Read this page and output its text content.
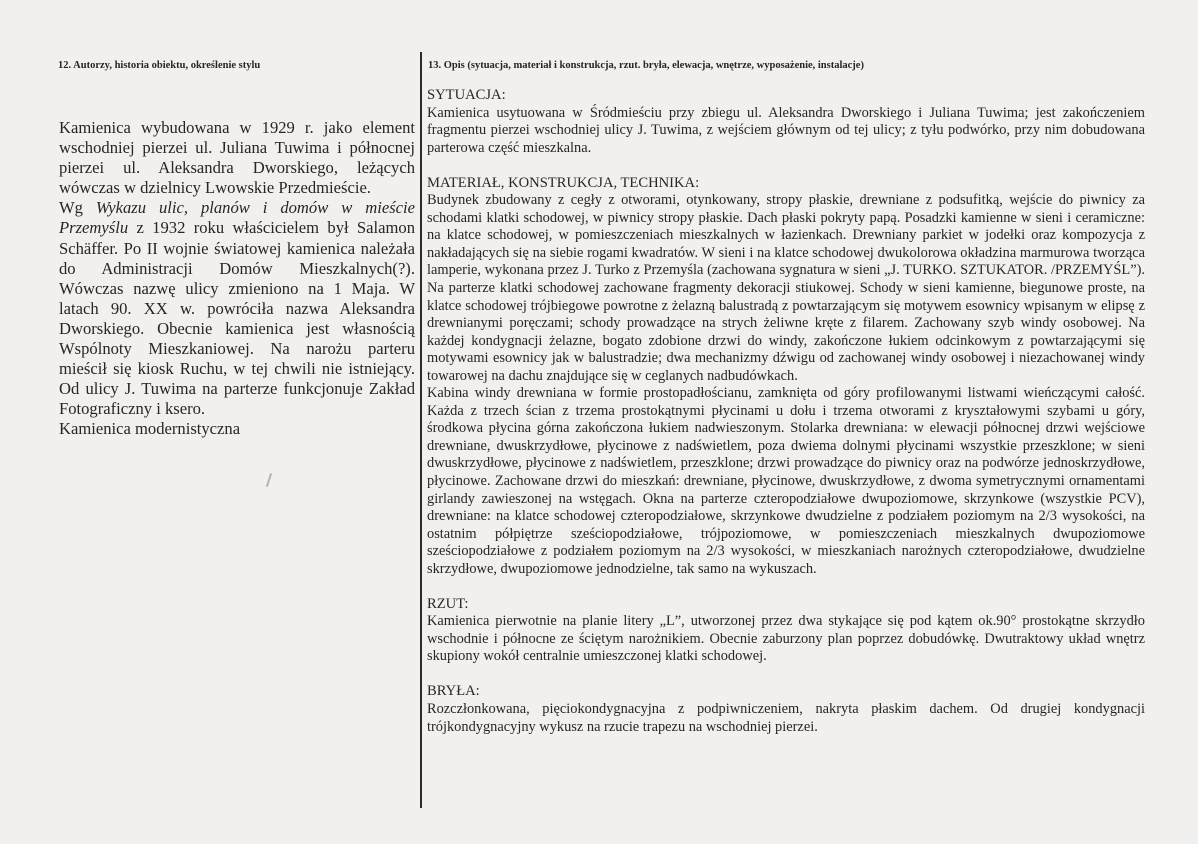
12. Autorzy, historia obiektu, określenie stylu

Kamienica wybudowana w 1929 r. jako element wschodniej pierzei ul. Juliana Tuwima i północnej pierzei ul. Aleksandra Dworskiego, leżących wówczas w dzielnicy Lwowskie Przedmieście.

Wg Wykazu ulic, planów i domów w mieście Przemyślu z 1932 roku właścicielem był Salamon Schäffer. Po II wojnie światowej kamienica należała do Administracji Domów Mieszkalnych(?). Wówczas nazwę ulicy zmieniono na 1 Maja. W latach 90. XX w. powróciła nazwa Aleksandra Dworskiego. Obecnie kamienica jest własnością Wspólnoty Mieszkaniowej. Na narożu parteru mieścił się kiosk Ruchu, w tej chwili nie istniejący. Od ulicy J. Tuwima na parterze funkcjonuje Zakład Fotograficzny i ksero.

Kamienica modernistyczna

13. Opis (sytuacja, materiał i konstrukcja, rzut. bryła, elewacja, wnętrze, wyposażenie, instalacje)

SYTUACJA:

Kamienica usytuowana w Śródmieściu przy zbiegu ul. Aleksandra Dworskiego i Juliana Tuwima; jest zakończeniem fragmentu pierzei wschodniej ulicy J. Tuwima, z wejściem głównym od tej ulicy; z tyłu podwórko, przy nim dobudowana parterowa część mieszkalna.

MATERIAŁ, KONSTRUKCJA, TECHNIKA:

Budynek zbudowany z cegły z otworami, otynkowany, stropy płaskie, drewniane z podsufitką, wejście do piwnicy za schodami klatki schodowej, w piwnicy stropy płaskie. Dach płaski pokryty papą. Posadzki kamienne w sieni i ceramiczne: na klatce schodowej, w pomieszczeniach mieszkalnych w łazienkach. Drewniany parkiet w jodełki oraz kompozycja z nakładających się na siebie rogami kwadratów. W sieni i na klatce schodowej dwukolorowa okładzina marmurowa tworząca lamperie, wykonana przez J. Turko z Przemyśla (zachowana sygnatura w sieni „J. TURKO. SZTUKATOR. /PRZEMYŚL”). Na parterze klatki schodowej zachowane fragmenty dekoracji stiukowej. Schody w sieni kamienne, biegunowe proste, na klatce schodowej trójbiegowe powrotne z żelazną balustradą z powtarzającym się motywem esownicy wpisanym w elipsę z drewnianymi poręczami; schody prowadzące na strych żeliwne kręte z filarem. Zachowany szyb windy osobowej. Na każdej kondygnacji żelazne, bogato zdobione drzwi do windy, zakończone łukiem odcinkowym z powtarzającymi się motywami esownicy jak w balustradzie; dwa mechanizmy dźwigu od zachowanej windy osobowej i niezachowanej windy towarowej na dachu znajdujące się w ceglanych nadbudówkach.

Kabina windy drewniana w formie prostopadłościanu, zamknięta od góry profilowanymi listwami wieńczącymi całość. Każda z trzech ścian z trzema prostokątnymi płycinami u dołu i trzema otworami z kryształowymi szybami u góry, środkowa płycina górna zakończona łukiem nadwieszonym. Stolarka drewniana: w elewacji północnej drzwi wejściowe drewniane, dwuskrzydłowe, płycinowe z nadświetlem, poza dwiema dolnymi płycinami wszystkie przeszklone; w sieni dwuskrzydłowe, płycinowe z nadświetlem, przeszklone; drzwi prowadzące do piwnicy oraz na podwórze jednoskrzydłowe, płycinowe. Zachowane drzwi do mieszkań: drewniane, płycinowe, dwuskrzydłowe, z dwoma symetrycznymi ornamentami girlandy zawieszonej na wstęgach. Okna na parterze czteropodziałowe dwupoziomowe, skrzynkowe (wszystkie PCV), drewniane: na klatce schodowej czteropodziałowe, skrzynkowe dwudzielne z podziałem poziomym na 2/3 wysokości, na ostatnim półpiętrze sześciopodziałowe, trójpoziomowe, w pomieszczeniach mieszkalnych dwupoziomowe sześciopodziałowe z podziałem poziomym na 2/3 wysokości, w mieszkaniach narożnych czteropodziałowe, dwudzielne skrzydłowe, dwupoziomowe jednodzielne, tak samo na wykuszach.

RZUT:

Kamienica pierwotnie na planie litery „L”, utworzonej przez dwa stykające się pod kątem ok.90° prostokątne skrzydło wschodnie i północne ze ściętym narożnikiem. Obecnie zaburzony plan poprzez dobudówkę. Dwutraktowy układ wnętrz skupiony wokół centralnie umieszczonej klatki schodowej.

BRYŁA:

Rozczłonkowana, pięciokondygnacyjna z podpiwniczeniem, nakryta płaskim dachem. Od drugiej kondygnacji trójkondygnacyjny wykusz na rzucie trapezu na wschodniej pierzei.
